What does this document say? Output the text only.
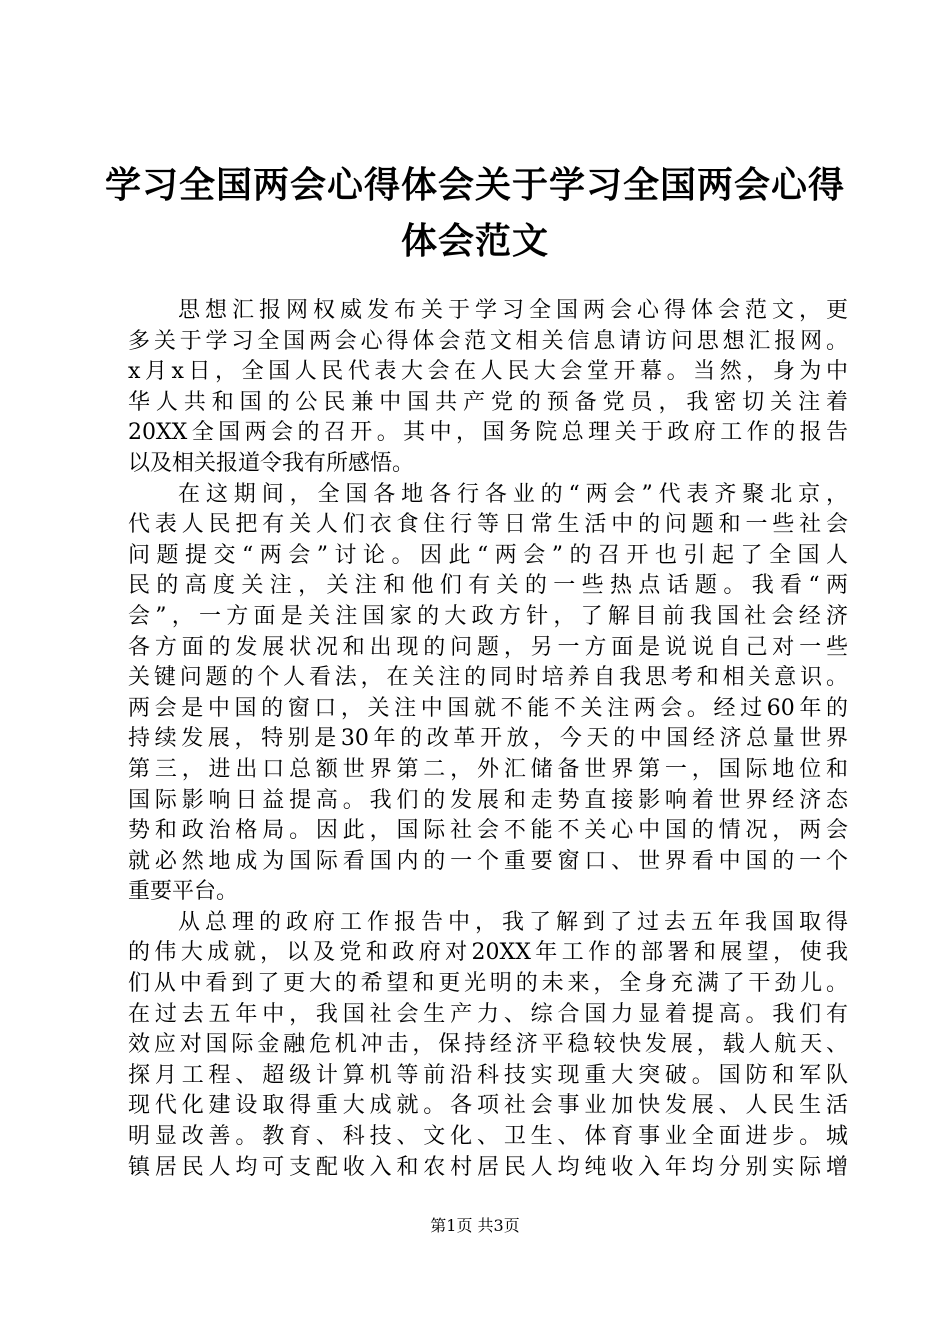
学习全国两会心得体会关于学习全国两会心得
体会范文
思想汇报网权威发布关于学习全国两会心得体会范文，更
多关于学习全国两会心得体会范文相关信息请访问思想汇报网。
x月x日，全国人民代表大会在人民大会堂开幕。当然，身为中
华人共和国的公民兼中国共产党的预备党员，我密切关注着
20XX全国两会的召开。其中，国务院总理关于政府工作的报告
以及相关报道令我有所感悟。
在这期间，全国各地各行各业的“两会”代表齐聚北京，
代表人民把有关人们衣食住行等日常生活中的问题和一些社会
问题提交“两会”讨论。因此“两会”的召开也引起了全国人
民的高度关注，关注和他们有关的一些热点话题。我看“两
会”，一方面是关注国家的大政方针，了解目前我国社会经济
各方面的发展状况和出现的问题，另一方面是说说自己对一些
关键问题的个人看法，在关注的同时培养自我思考和相关意识。
两会是中国的窗口，关注中国就不能不关注两会。经过60年的
持续发展，特别是30年的改革开放，今天的中国经济总量世界
第三，进出口总额世界第二，外汇储备世界第一，国际地位和
国际影响日益提高。我们的发展和走势直接影响着世界经济态
势和政治格局。因此，国际社会不能不关心中国的情况，两会
就必然地成为国际看国内的一个重要窗口、世界看中国的一个
重要平台。
从总理的政府工作报告中，我了解到了过去五年我国取得
的伟大成就，以及党和政府对20XX年工作的部署和展望，使我
们从中看到了更大的希望和更光明的未来，全身充满了干劲儿。
在过去五年中，我国社会生产力、综合国力显着提高。我们有
效应对国际金融危机冲击，保持经济平稳较快发展，载人航天、
探月工程、超级计算机等前沿科技实现重大突破。国防和军队
现代化建设取得重大成就。各项社会事业加快发展、人民生活
明显改善。教育、科技、文化、卫生、体育事业全面进步。城
镇居民人均可支配收入和农村居民人均纯收入年均分别实际增
第1页 共3页
